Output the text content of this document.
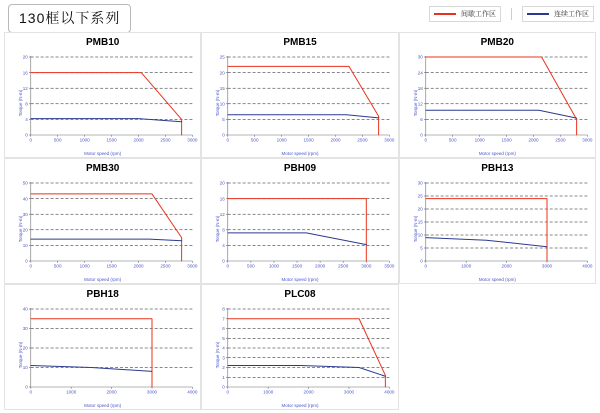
130框以下系列	间歇工作区	连续工作区
PMB10
Torque (N·m)
Motor speed (rpm)
0
4
8
12
16
20
0	500	1000	1500	2000	2500	3000
PMB15
Torque (N·m)
Motor speed (rpm)
0
5
10
15
20
25
0	500	1000	1500	2000	2500	3000
PMB20
Torque (N·m)
Motor speed (rpm)
0
6
12
18
24
30
0	500	1000	1500	2000	2500	3000
PMB30
Torque (N·m)
Motor speed (rpm)
0
10
20
30
40
50
0	500	1000	1500	2000	2500	3000
PBH09
Torque (N·m)
Motor speed (rpm)
0
4
8
12
16
20
0	500	1000	1500	2000	2500	3000	3500
PBH13
Torque (N·m)
Motor speed (rpm)
0
5
10
15
20
25
30
0	1000	2000	3000	4000
PBH18
Torque (N·m)
Motor speed (rpm)
0
10
20
30
40
0	1000	2000	3000	4000
PLC08
Torque (N·m)
Motor speed (rpm)
0
1
2
3
4
5
6
7
8
0	1000	2000	3000	4000
